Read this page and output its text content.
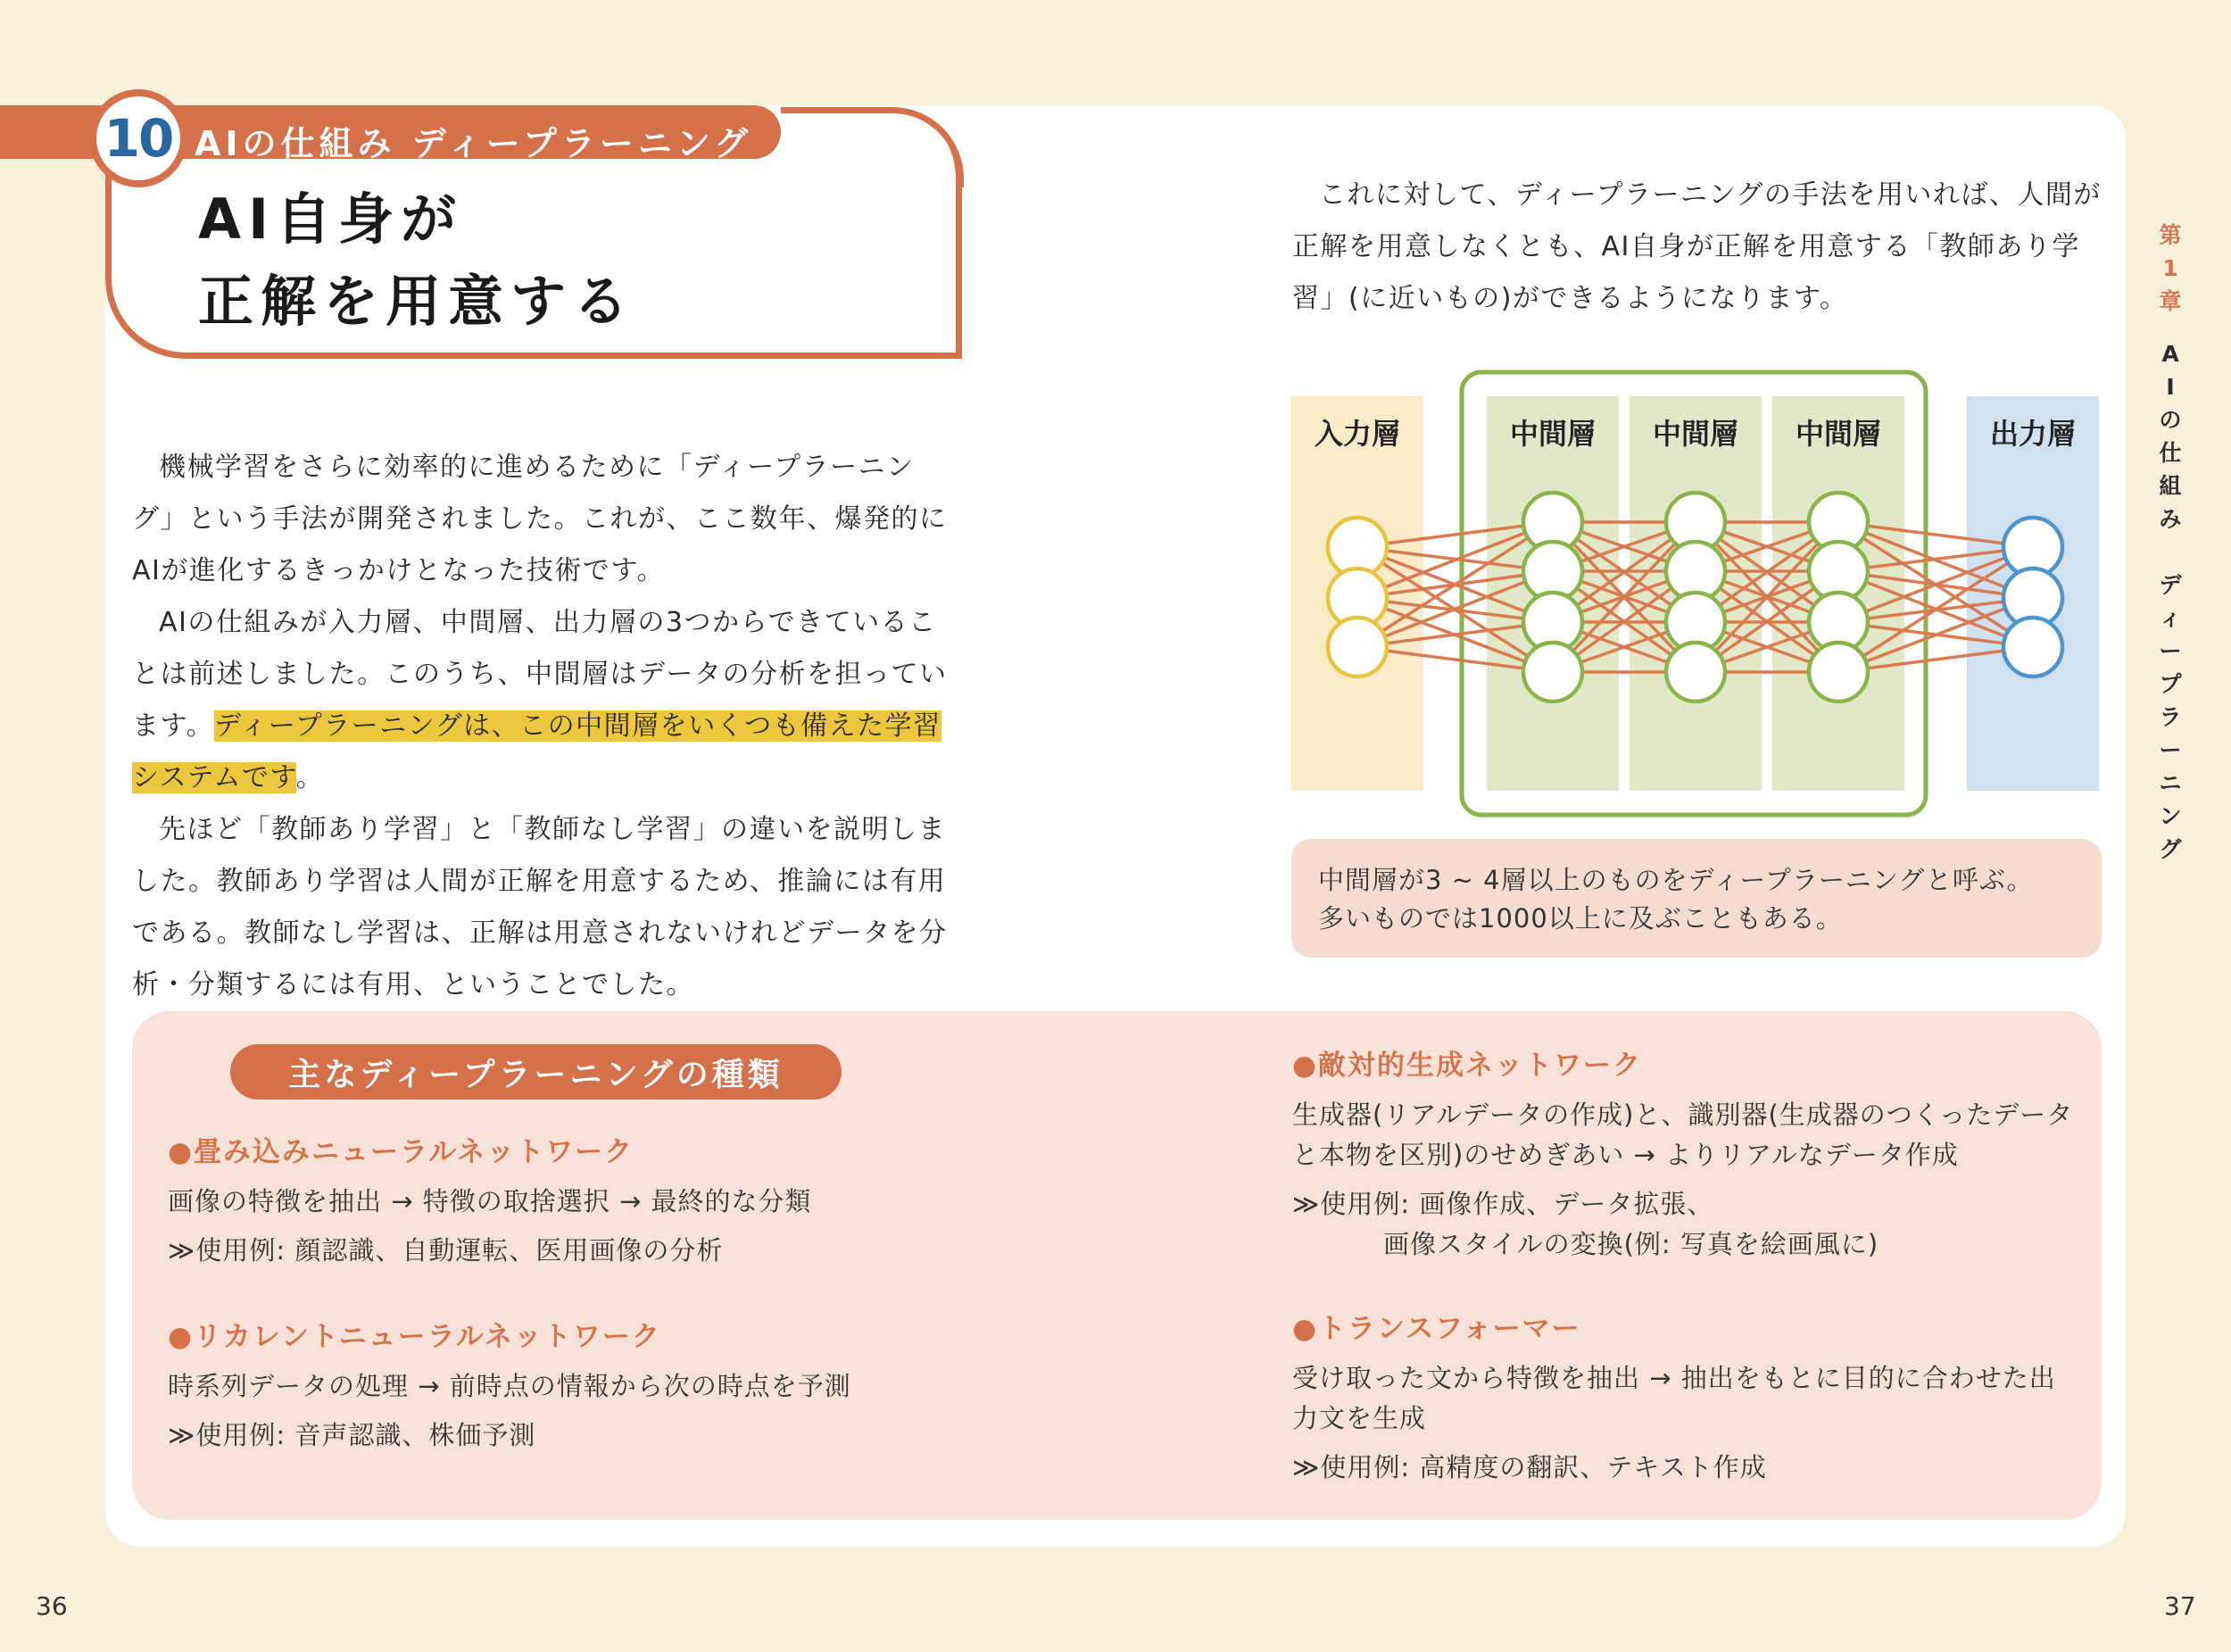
10 AIの仕組み ディープラーニング
AI自身が
正解を用意する

機械学習をさらに効率的に進めるために「ディープラーニング」という手法が開発されました。これが、ここ数年、爆発的にAIが進化するきっかけとなった技術です。

AIの仕組みが入力層、中間層、出力層の3つからできていることは前述しました。このうち、中間層はデータの分析を担っています。ディープラーニングは、この中間層をいくつも備えた学習システムです。

先ほど「教師あり学習」と「教師なし学習」の違いを説明しました。教師あり学習は人間が正解を用意するため、推論には有用である。教師なし学習は、正解は用意されないけれどデータを分析・分類するには有用、ということでした。

これに対して、ディープラーニングの手法を用いれば、人間が正解を用意しなくとも、AI自身が正解を用意する「教師あり学習」(に近いもの)ができるようになります。

入力層	中間層 中間層 中間層	出力層
中間層が3 ~ 4層以上のものをディープラーニングと呼ぶ。
多いものでは1000以上に及ぶこともある。
主なディープラーニングの種類
●畳み込みニューラルネットワーク
画像の特徴を抽出 → 特徴の取捨選択 → 最終的な分類
≫使用例: 顔認識、自動運転、医用画像の分析
●リカレントニューラルネットワーク
時系列データの処理 → 前時点の情報から次の時点を予測
≫使用例: 音声認識、株価予測
●敵対的生成ネットワーク
生成器(リアルデータの作成)と、識別器(生成器のつくったデータと本物を区別)のせめぎあい → よりリアルなデータ作成
≫使用例: 画像作成、データ拡張、
画像スタイルの変換(例: 写真を絵画風に)
●トランスフォーマー
受け取った文から特徴を抽出 → 抽出をもとに目的に合わせた出力文を生成
≫使用例: 高精度の翻訳、テキスト作成
第
1
章
A
I
の
仕
組
み

デ
ィ
ー
プ
ラ
ー
ニ
ン
グ
36	37
